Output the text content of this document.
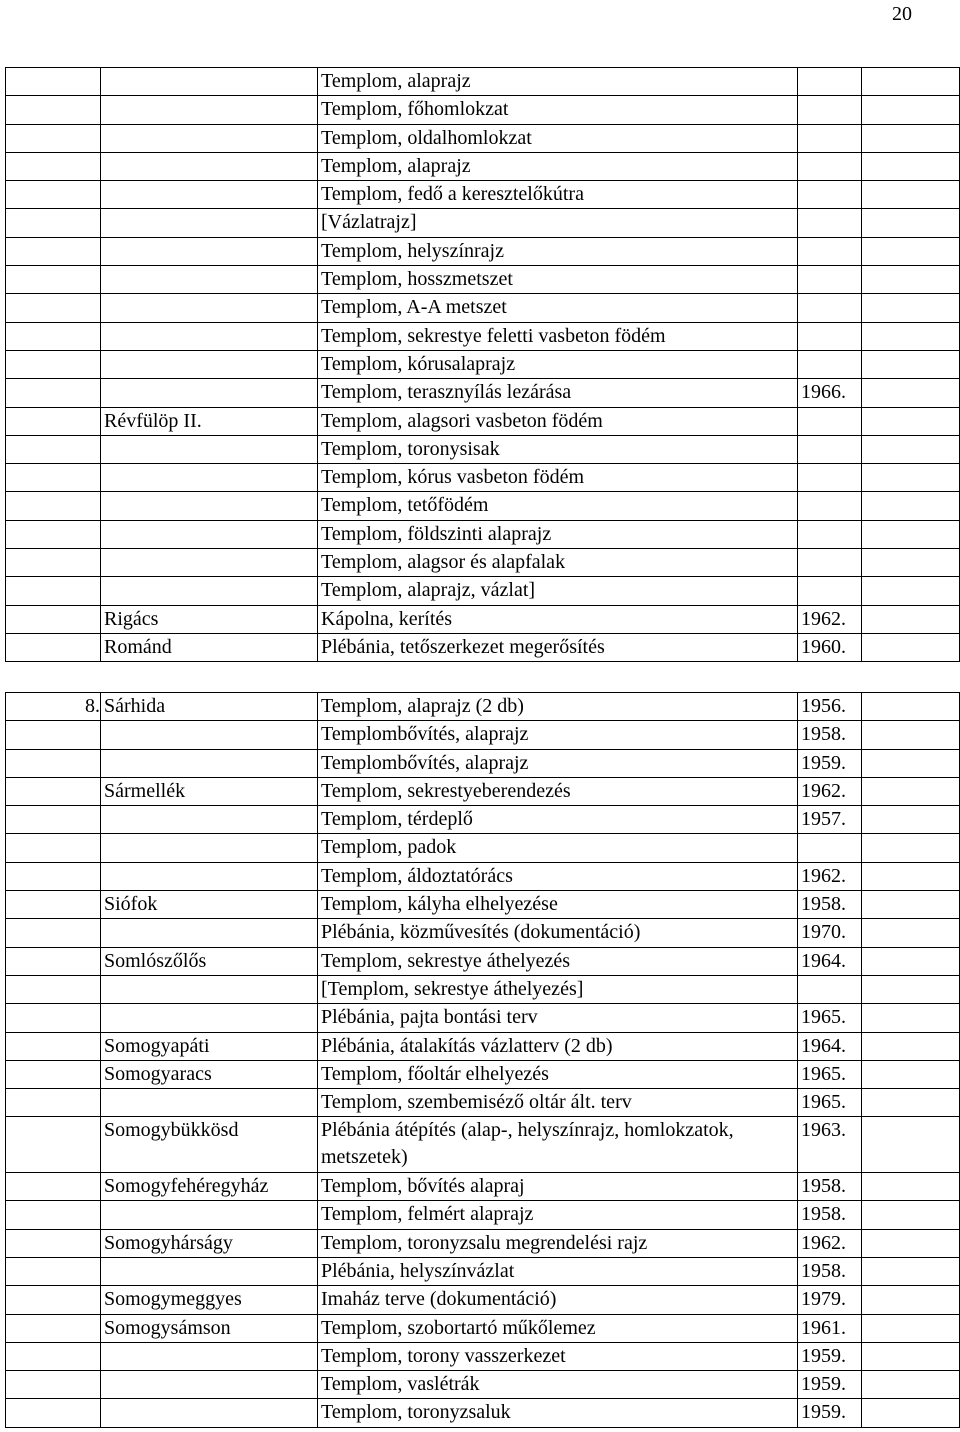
20
		Templom, alaprajz		
		Templom, főhomlokzat		
		Templom, oldalhomlokzat		
		Templom, alaprajz		
		Templom, fedő a keresztelőkútra		
		[Vázlatrajz]		
		Templom, helyszínrajz		
		Templom, hosszmetszet		
		Templom, A-A metszet		
		Templom, sekrestye feletti vasbeton födém		
		Templom, kórusalaprajz		
		Templom, terasznyílás lezárása	1966.	
	Révfülöp II.	Templom, alagsori vasbeton födém		
		Templom, toronysisak		
		Templom, kórus vasbeton födém		
		Templom, tetőfödém		
		Templom, földszinti alaprajz		
		Templom, alagsor és alapfalak		
		Templom, alaprajz, vázlat]		
	Rigács	Kápolna, kerítés	1962.	
	Románd	Plébánia, tetőszerkezet megerősítés	1960.	
8.	Sárhida	Templom, alaprajz (2 db)	1956.	
		Templombővítés, alaprajz	1958.	
		Templombővítés, alaprajz	1959.	
	Sármellék	Templom, sekrestyeberendezés	1962.	
		Templom, térdeplő	1957.	
		Templom, padok		
		Templom, áldoztatórács	1962.	
	Siófok	Templom, kályha elhelyezése	1958.	
		Plébánia, közművesítés (dokumentáció)	1970.	
	Somlószőlős	Templom, sekrestye áthelyezés	1964.	
		[Templom, sekrestye áthelyezés]		
		Plébánia, pajta bontási terv	1965.	
	Somogyapáti	Plébánia, átalakítás vázlatterv (2 db)	1964.	
	Somogyaracs	Templom, főoltár elhelyezés	1965.	
		Templom, szembemiséző oltár ált. terv	1965.	
	Somogybükkösd	Plébánia átépítés (alap-, helyszínrajz, homlokzatok, metszetek)	1963.	
	Somogyfehéregyház	Templom, bővítés alapraj	1958.	
		Templom, felmért alaprajz	1958.	
	Somogyhárságy	Templom, toronyzsalu megrendelési rajz	1962.	
		Plébánia, helyszínvázlat	1958.	
	Somogymeggyes	Imaház terve (dokumentáció)	1979.	
	Somogysámson	Templom, szobortartó műkőlemez	1961.	
		Templom, torony vasszerkezet	1959.	
		Templom, vaslétrák	1959.	
		Templom, toronyzsaluk	1959.	
